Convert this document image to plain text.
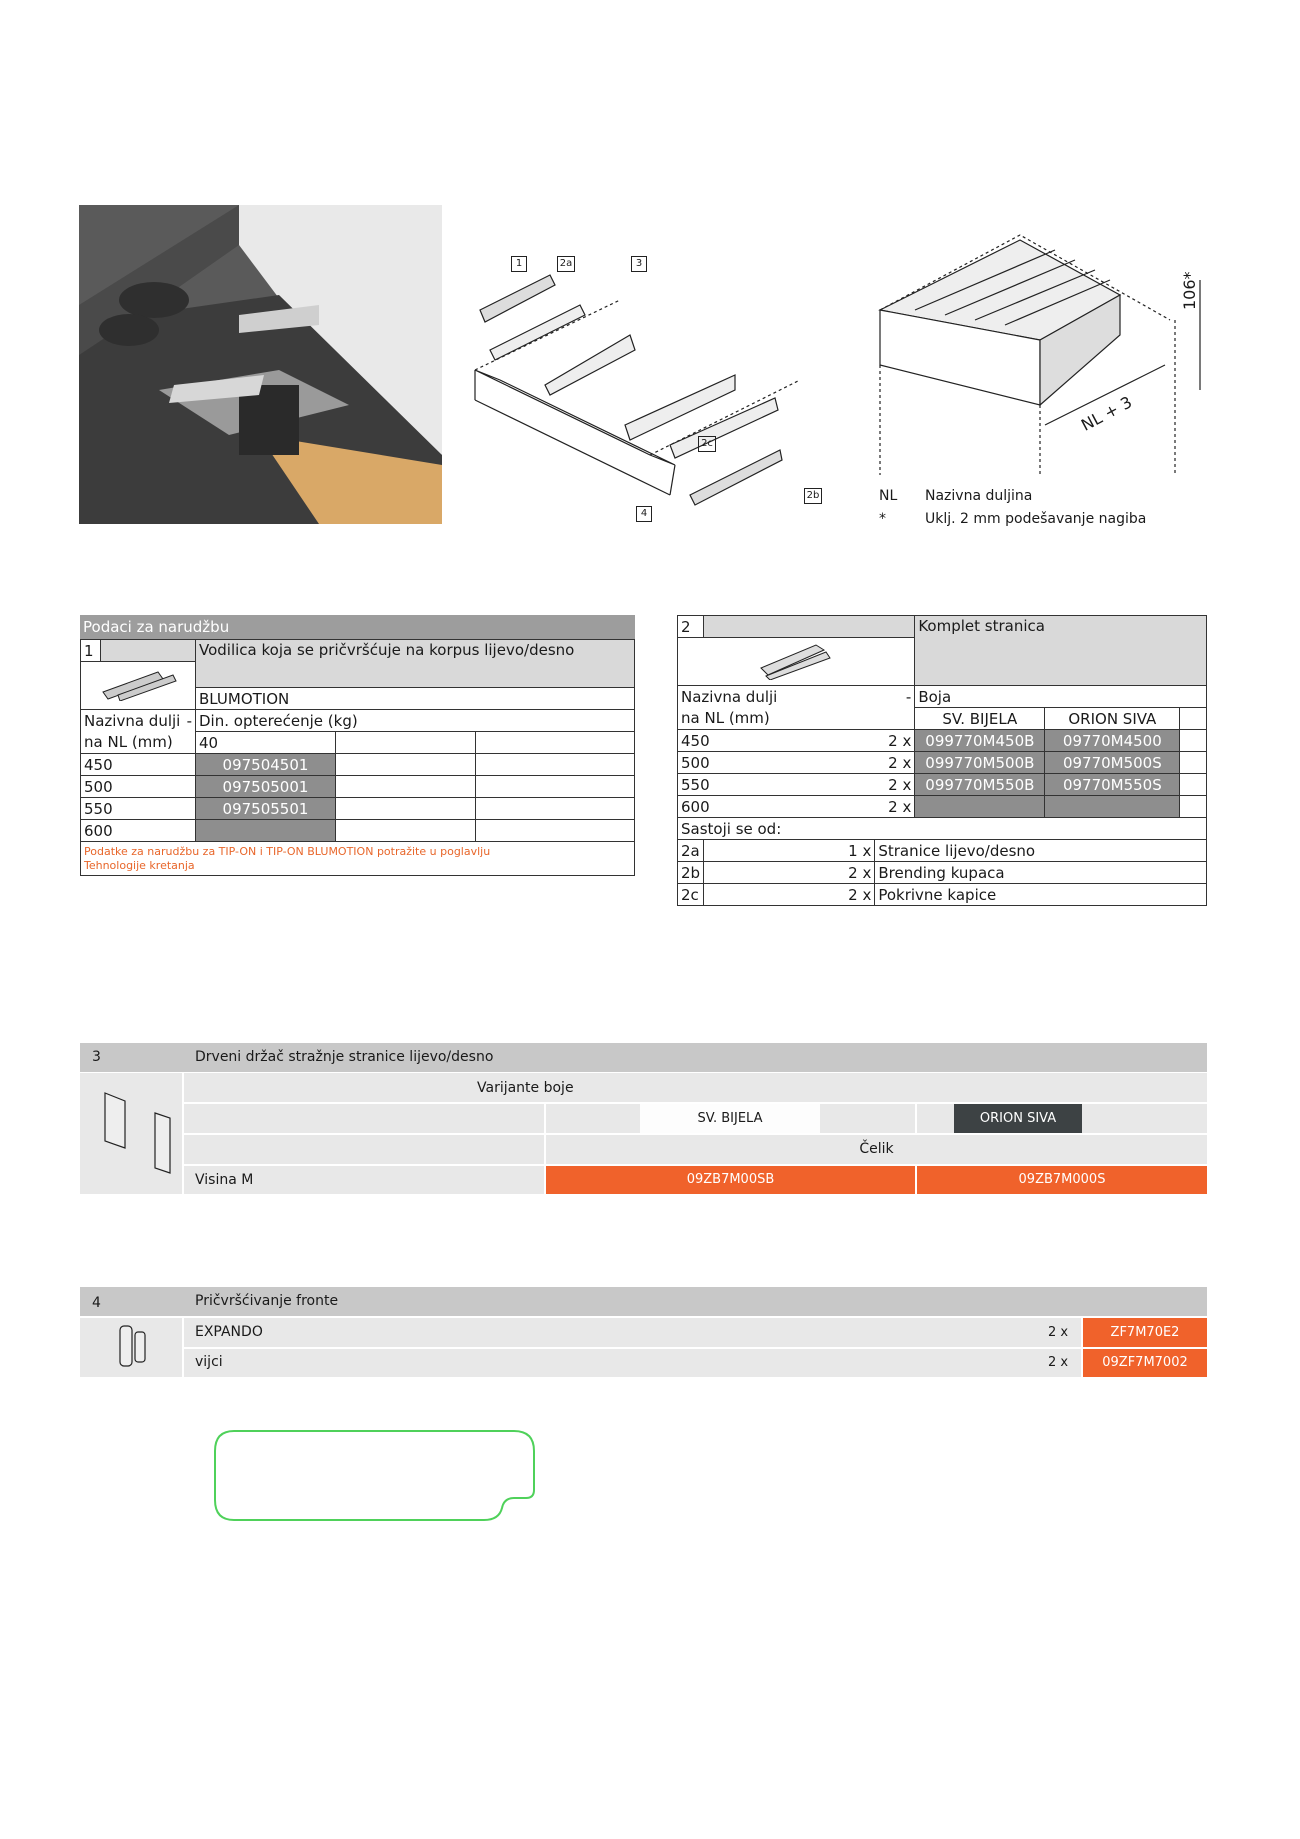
1	2a	3
2c
2b
4
106*
NL + 3
NL	Nazivna duljina
*	Uklj. 2 mm podešavanje nagiba
Podaci za narudžbu
1		Vodilica koja se pričvršćuje na korpus lijevo/desno		

		BLUMOTION		
Nazivna dulji -		Din. opterećenje (kg)		
na NL (mm)		40		
450		097504501		
500		097505001		
550		097505501		
600				
Podatke za narudžbu za TIP-ON i TIP-ON BLUMOTION potražite u poglavlju Tehnologije kretanja				
2			Komplet stranica		

Nazivna dulji -			Boja		
na NL (mm)			SV. BIJELA	ORION SIVA	
450		2 x	099770M450B	09770M4500	
500		2 x	099770M500B	09770M500S	
550		2 x	099770M550B	09770M550S	
600		2 x			
Sastoji se od:					
2a	1 x	Stranice lijevo/desno			
2b	2 x	Brending kupaca			
2c	2 x	Pokrivne kapice			
3	Drveni držač stražnje stranice lijevo/desno
Varijante boje
SV. BIJELA	ORION SIVA
Čelik
Visina M	09ZB7M00SB	09ZB7M000S
4	Pričvršćivanje fronte
EXPANDO	2 x	ZF7M70E2
vijci	2 x	09ZF7M7002
